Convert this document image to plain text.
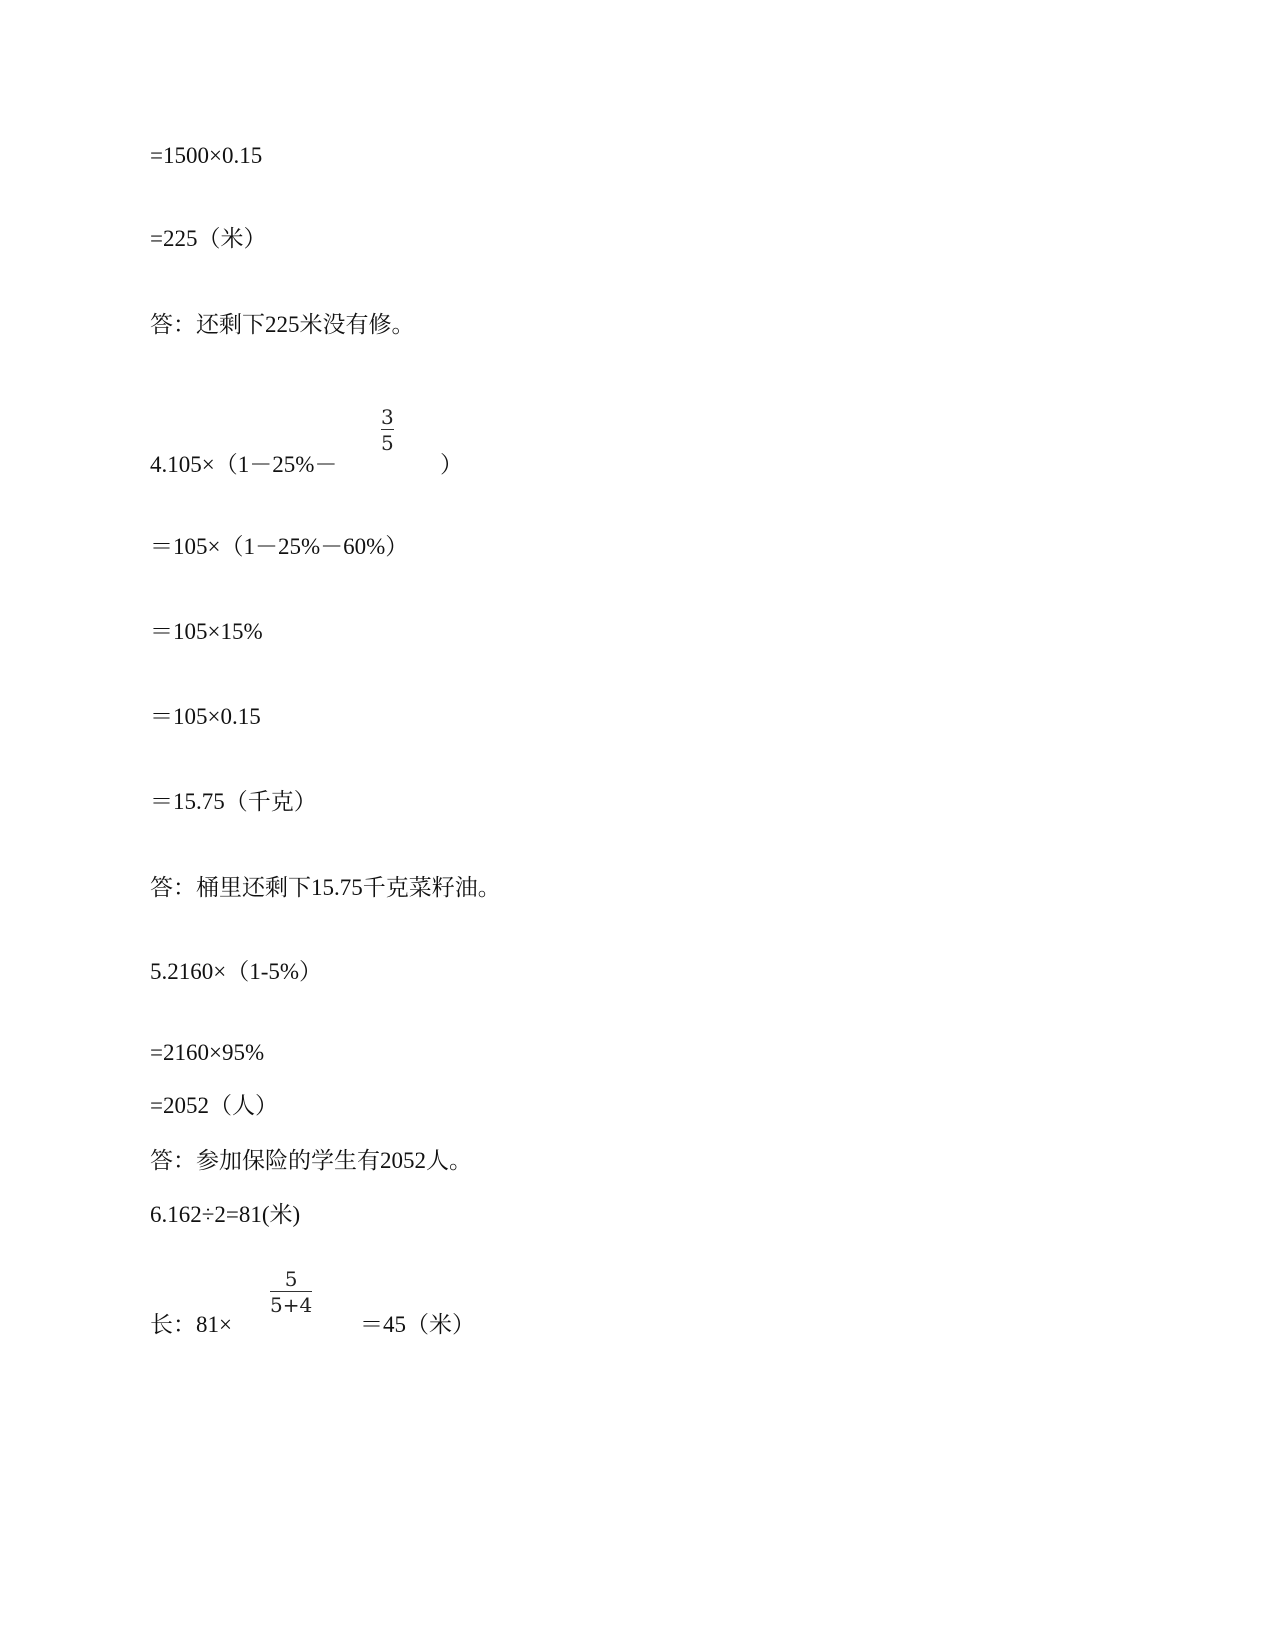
=1500×0.15
=225（米）
答：还剩下225米没有修。
4.105×（1－25%－
3
5
）
＝105×（1－25%－60%）
＝105×15%
＝105×0.15
＝15.75（千克）
答：桶里还剩下15.75千克菜籽油。
5.2160×（1-5%）
=2160×95%
=2052（人）
答：参加保险的学生有2052人。
6.162÷2=81(米)
长：81×
5
5+4
＝45（米）
